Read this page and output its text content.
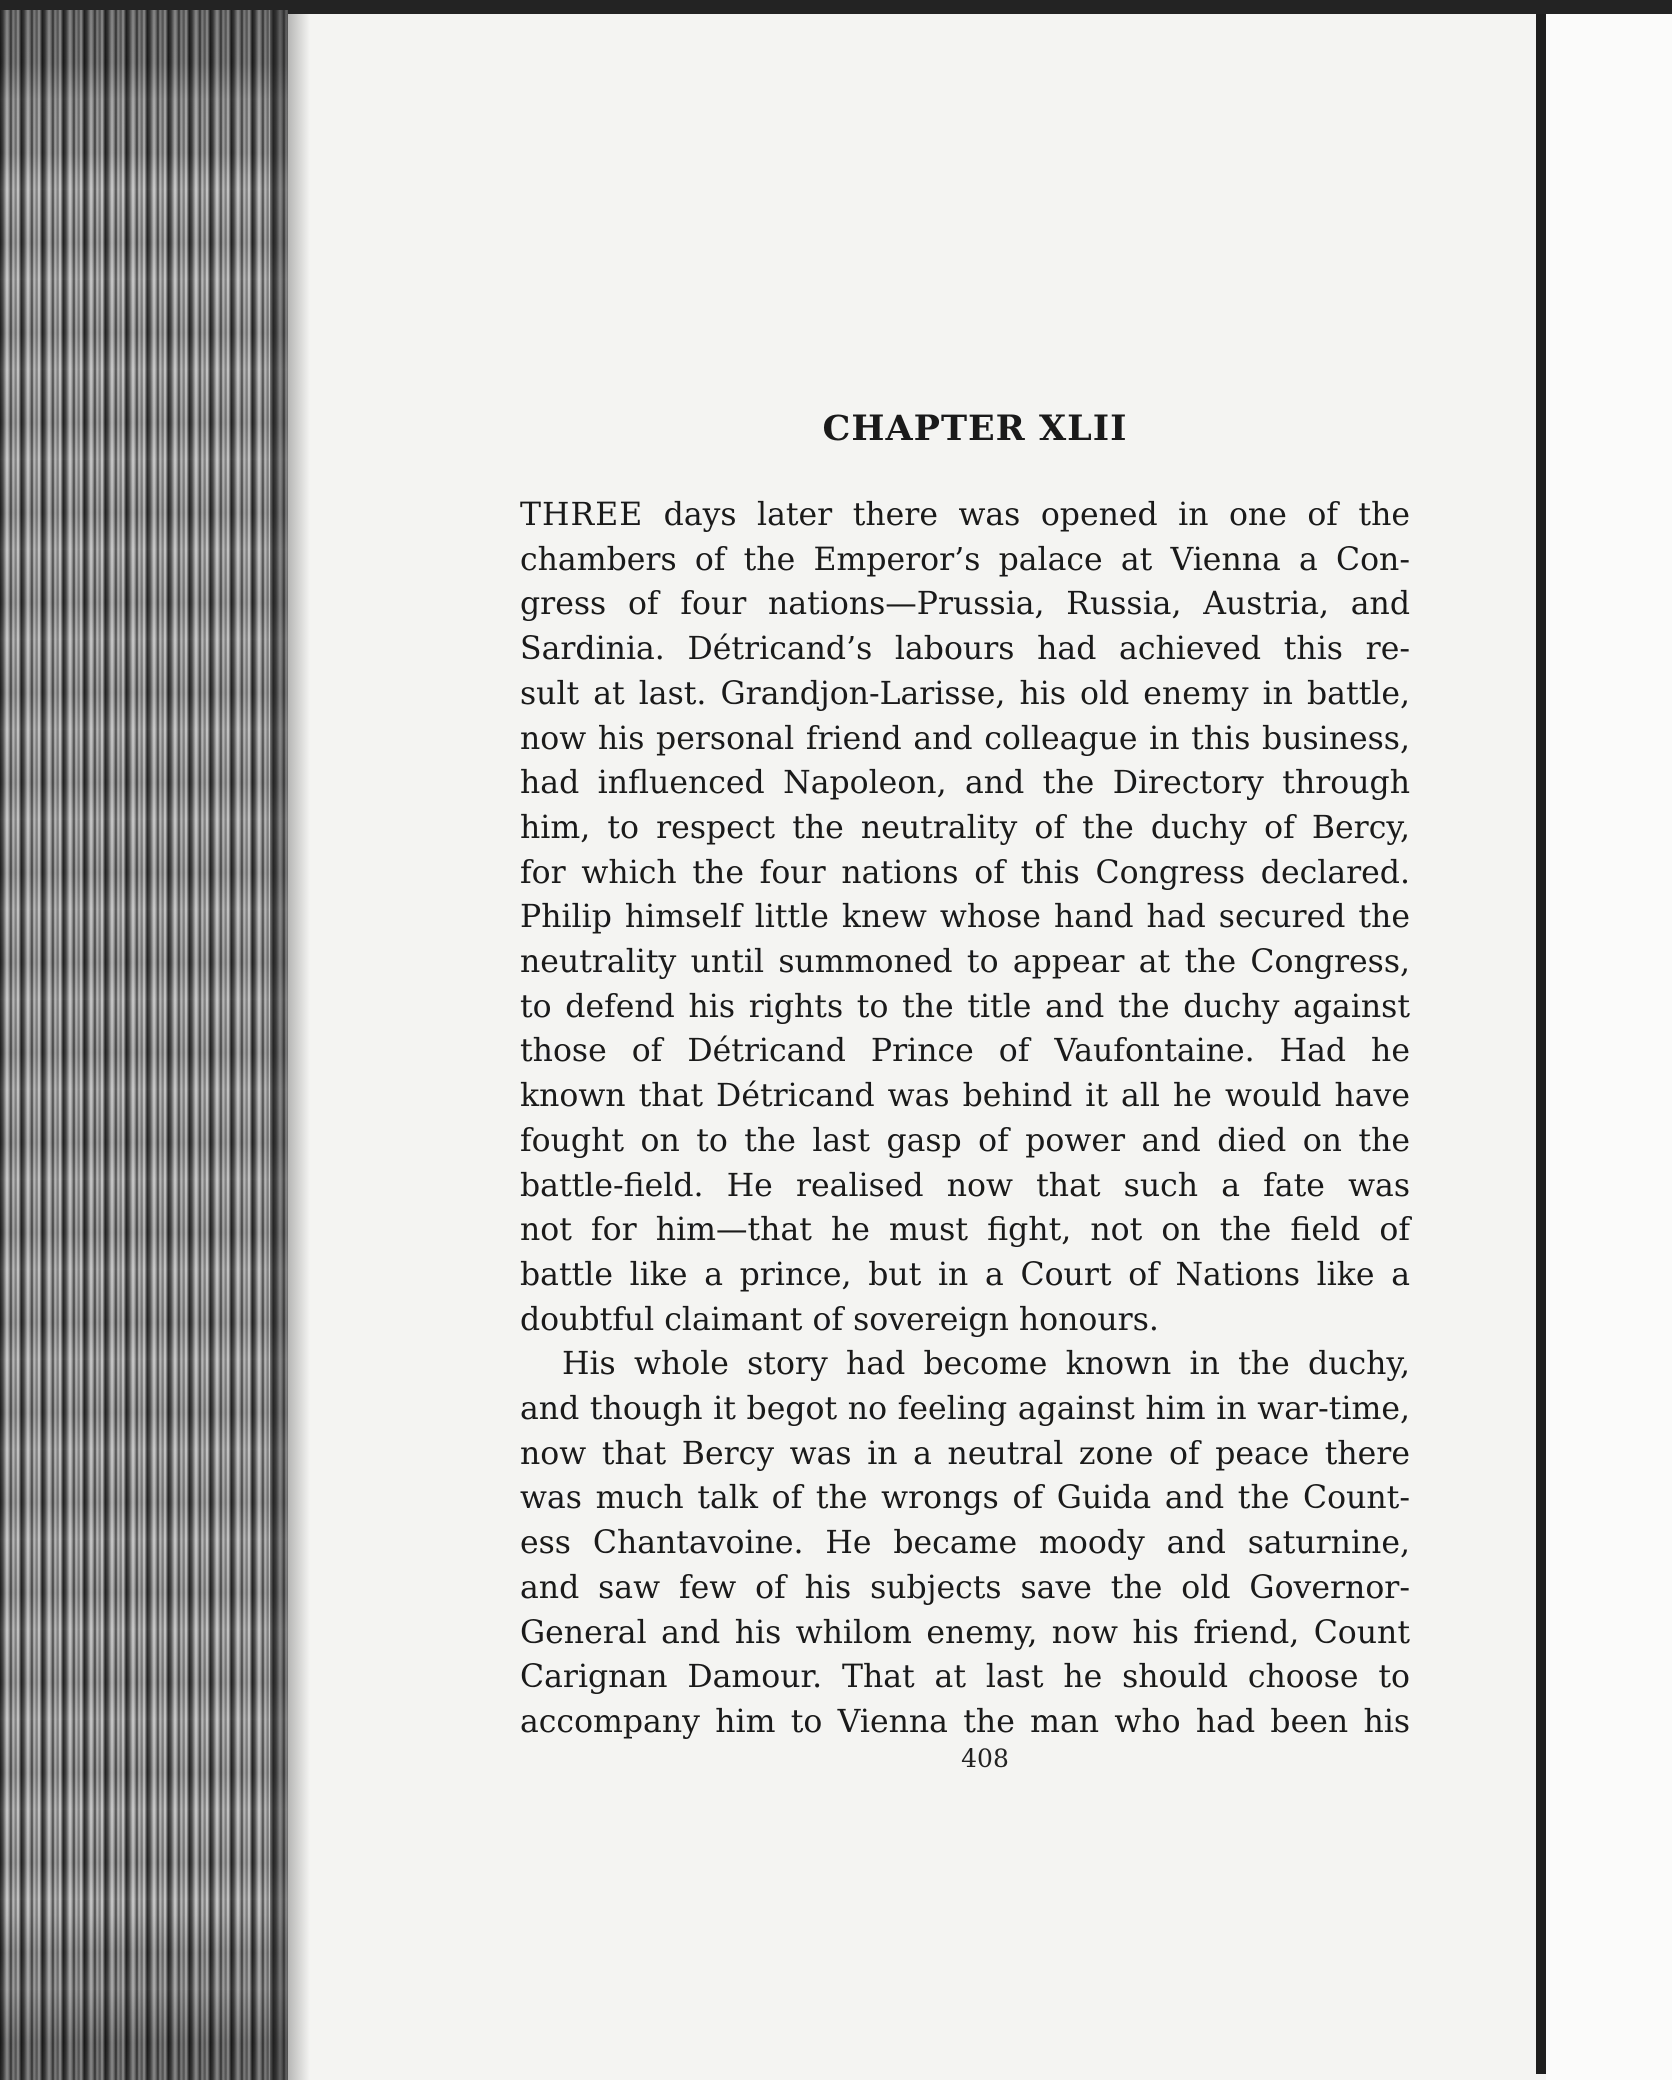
CHAPTER XLII

THREE days later there was opened in one of the
chambers of the Emperor’s palace at Vienna a Con-
gress of four nations—Prussia, Russia, Austria, and
Sardinia. Détricand’s labours had achieved this re-
sult at last. Grandjon-Larisse, his old enemy in battle,
now his personal friend and colleague in this business,
had influenced Napoleon, and the Directory through
him, to respect the neutrality of the duchy of Bercy,
for which the four nations of this Congress declared.
Philip himself little knew whose hand had secured the
neutrality until summoned to appear at the Congress,
to defend his rights to the title and the duchy against
those of Détricand Prince of Vaufontaine. Had he
known that Détricand was behind it all he would have
fought on to the last gasp of power and died on the
battle-field. He realised now that such a fate was
not for him—that he must fight, not on the field of
battle like a prince, but in a Court of Nations like a
doubtful claimant of sovereign honours.

His whole story had become known in the duchy,
and though it begot no feeling against him in war-time,
now that Bercy was in a neutral zone of peace there
was much talk of the wrongs of Guida and the Count-
ess Chantavoine. He became moody and saturnine,
and saw few of his subjects save the old Governor-
General and his whilom enemy, now his friend, Count
Carignan Damour. That at last he should choose to
accompany him to Vienna the man who had been his

408
